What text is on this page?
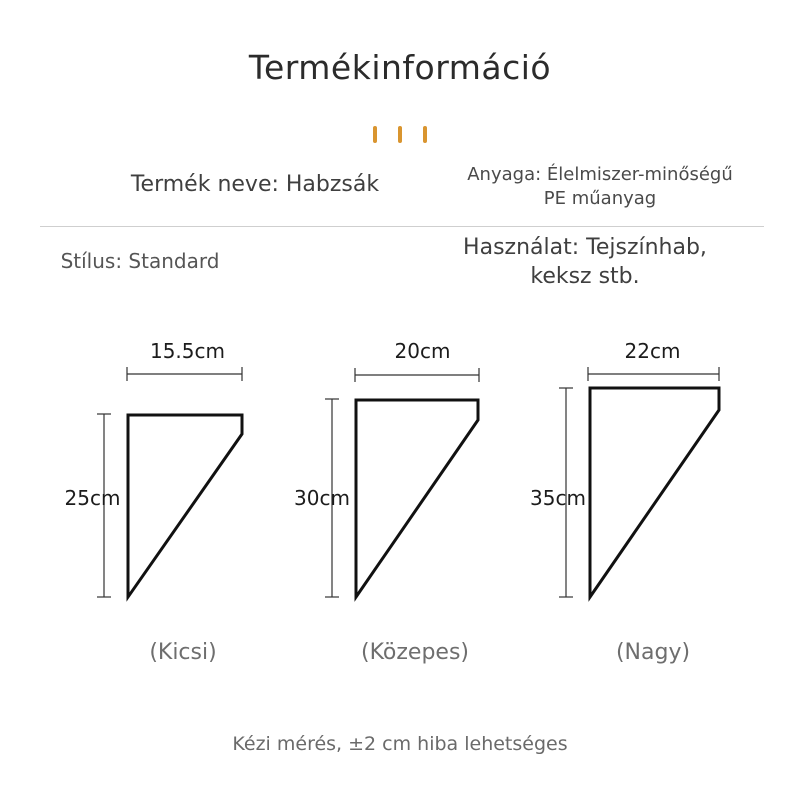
Termékinformáció
Termék neve: Habzsák	Anyaga: Élelmiszer-minőségű
PE műanyag
Stílus: Standard
Használat: Tejszínhab,
keksz stb.
15.5cm
25cm
20cm
30cm
22cm
35cm
(Kicsi)	(Közepes)	(Nagy)
Kézi mérés, ±2 cm hiba lehetséges
